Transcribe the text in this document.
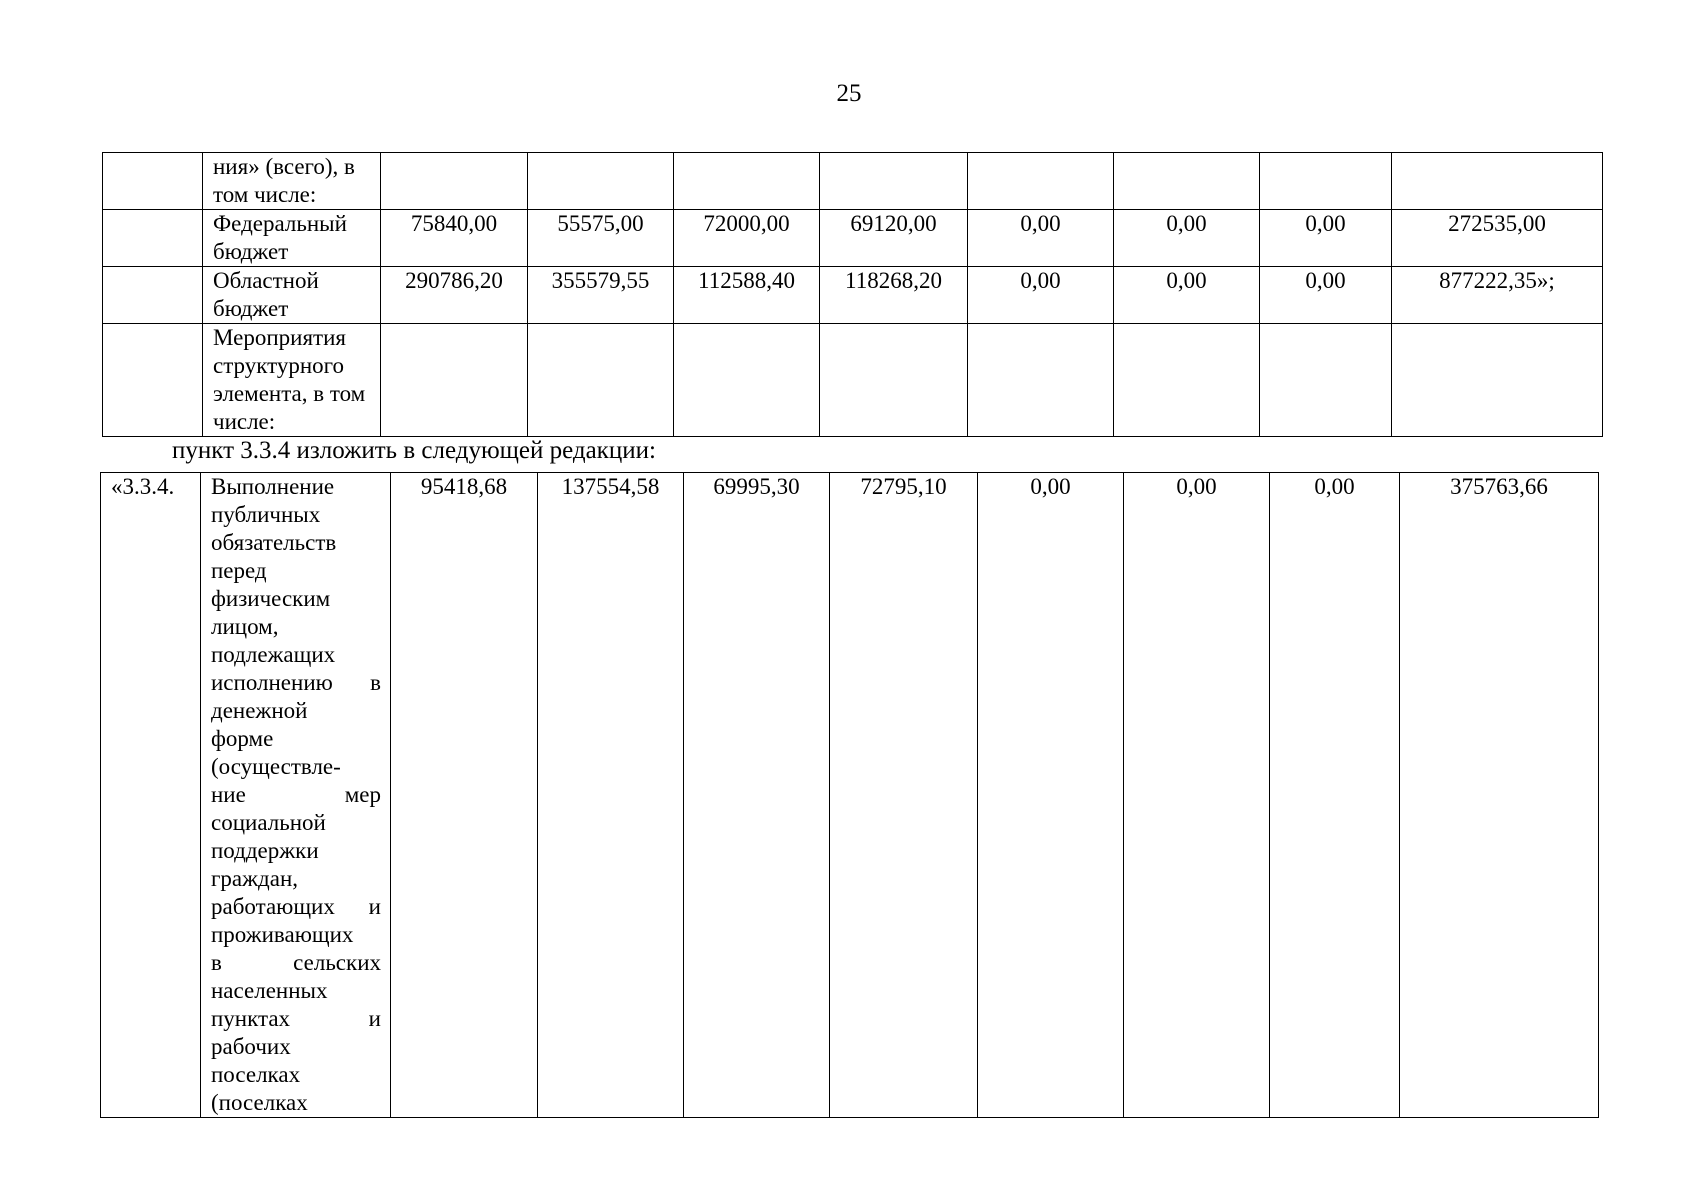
25

	ния» (всего), в
том числе:								

	Федеральный
бюджет	75840,00	55575,00	72000,00	69120,00	0,00	0,00	0,00	272535,00

	Областной
бюджет	290786,20	355579,55	112588,40	118268,20	0,00	0,00	0,00	877222,35»;

	Мероприятия
структурного
элемента, в том
числе:								

пункт 3.3.4 изложить в следующей редакции:
«3.3.4.	Выполнение
публичных
обязательств
перед
физическим
лицом,
подлежащих
исполнению в
денежной
форме
(осуществле-
ние мер
социальной
поддержки
граждан,
работающих и
проживающих
в сельских
населенных
пунктах и
рабочих
поселках
(поселках
	95418,68	137554,58	69995,30	72795,10	0,00	0,00	0,00	375763,66
